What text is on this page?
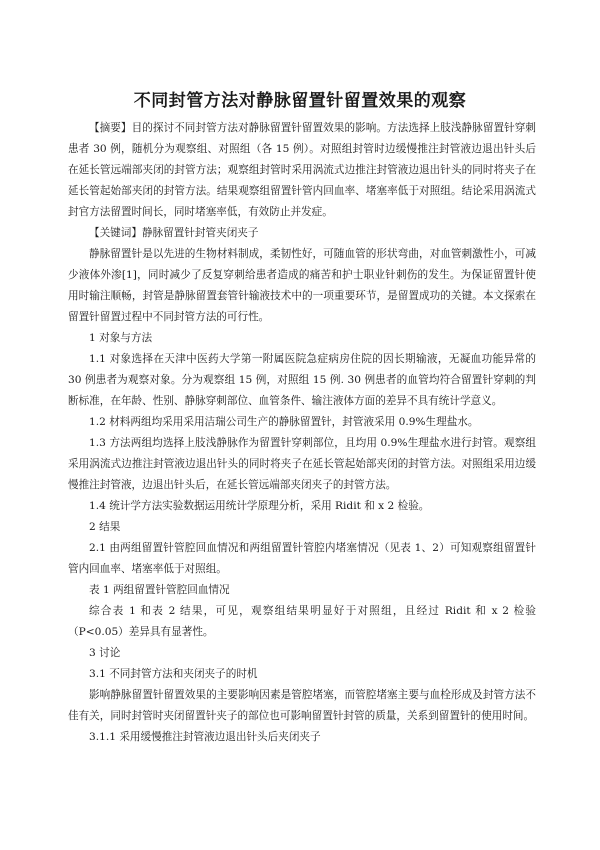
不同封管方法对静脉留置针留置效果的观察

【摘要】目的探讨不同封管方法对静脉留置针留置效果的影响。方法选择上肢浅静脉留置针穿刺患者 30 例，随机分为观察组、对照组（各 15 例）。对照组封管时边缓慢推注封管液边退出针头后在延长管远端部夹闭的封管方法；观察组封管时采用涡流式边推注封管液边退出针头的同时将夹子在延长管起始部夹闭的封管方法。结果观察组留置针管内回血率、堵塞率低于对照组。结论采用涡流式封官方法留置时间长，同时堵塞率低，有效防止并发症。

【关键词】静脉留置针封管夹闭夹子

静脉留置针是以先进的生物材料制成，柔韧性好，可随血管的形状弯曲，对血管刺激性小，可减少液体外渗[1]，同时减少了反复穿刺给患者造成的痛苦和护士职业针刺伤的发生。为保证留置针使用时输注顺畅，封管是静脉留置套管针输液技术中的一项重要环节，是留置成功的关键。本文探索在留置针留置过程中不同封管方法的可行性。

1 对象与方法

1.1 对象选择在天津中医药大学第一附属医院急症病房住院的因长期输液，无凝血功能异常的 30 例患者为观察对象。分为观察组 15 例，对照组 15 例. 30 例患者的血管均符合留置针穿刺的判断标准，在年龄、性别、静脉穿刺部位、血管条件、输注液体方面的差异不具有统计学意义。

1.2 材料两组均采用采用洁瑞公司生产的静脉留置针，封管液采用 0.9%生理盐水。

1.3 方法两组均选择上肢浅静脉作为留置针穿刺部位，且均用 0.9%生理盐水进行封管。观察组采用涡流式边推注封管液边退出针头的同时将夹子在延长管起始部夹闭的封管方法。对照组采用边缓慢推注封管液，边退出针头后，在延长管远端部夹闭夹子的封管方法。

1.4 统计学方法实验数据运用统计学原理分析，采用 Ridit 和 x 2 检验。

2 结果

2.1 由两组留置针管腔回血情况和两组留置针管腔内堵塞情况（见表 1、2）可知观察组留置针管内回血率、堵塞率低于对照组。

表 1 两组留置针管腔回血情况

综合表 1 和表 2 结果，可见，观察组结果明显好于对照组，且经过 Ridit 和 x 2 检验（P<0.05）差异具有显著性。

3 讨论

3.1 不同封管方法和夹闭夹子的时机

影响静脉留置针留置效果的主要影响因素是管腔堵塞，而管腔堵塞主要与血栓形成及封管方法不佳有关，同时封管时夹闭留置针夹子的部位也可影响留置针封管的质量，关系到留置针的使用时间。

3.1.1 采用缓慢推注封管液边退出针头后夹闭夹子
